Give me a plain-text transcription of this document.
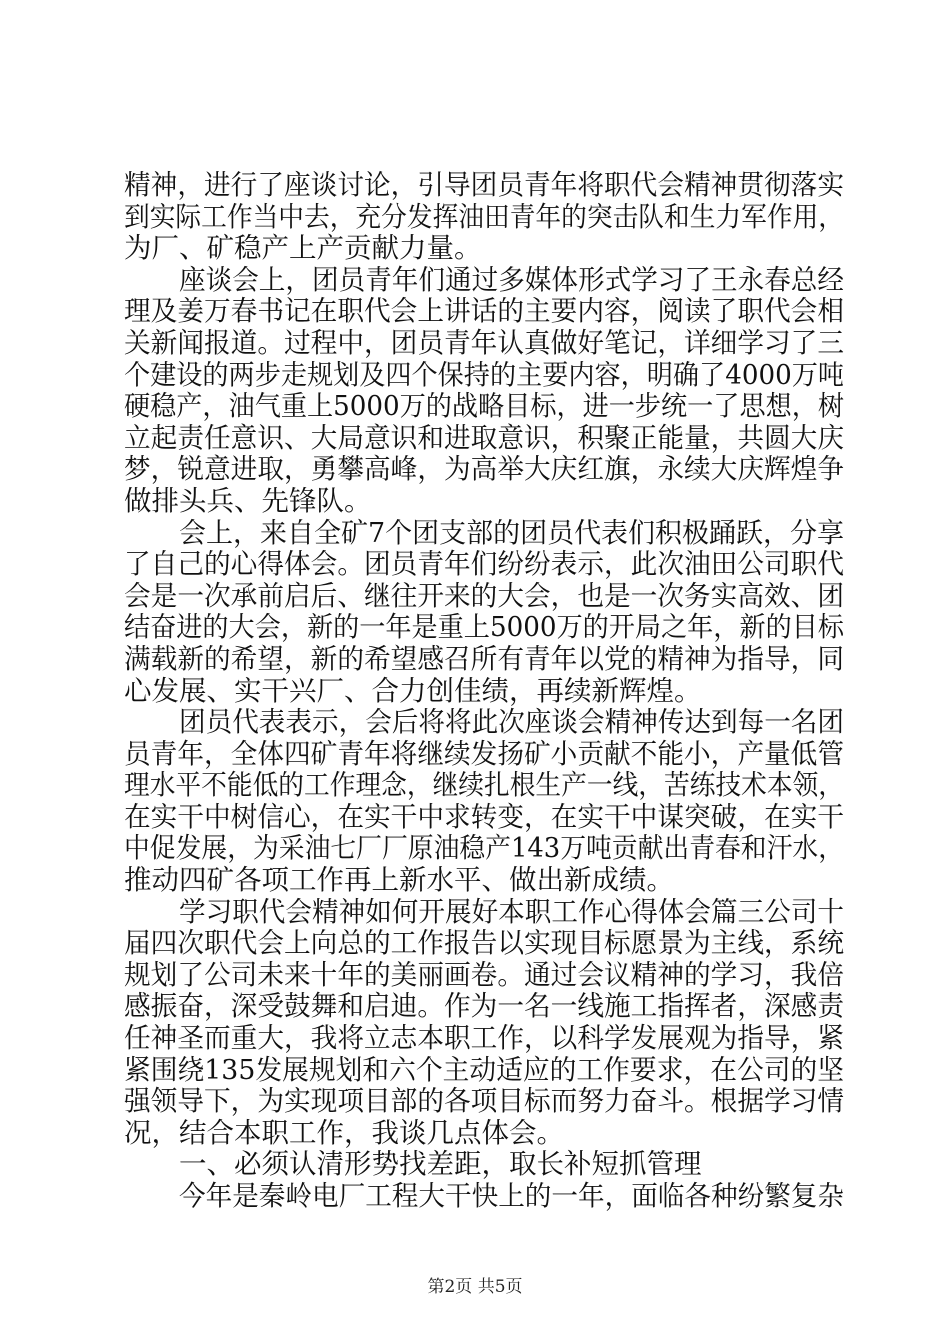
精神，进行了座谈讨论，引导团员青年将职代会精神贯彻落实
到实际工作当中去，充分发挥油田青年的突击队和生力军作用，
为厂、矿稳产上产贡献力量。
座谈会上，团员青年们通过多媒体形式学习了王永春总经
理及姜万春书记在职代会上讲话的主要内容，阅读了职代会相
关新闻报道。过程中，团员青年认真做好笔记，详细学习了三
个建设的两步走规划及四个保持的主要内容，明确了4000万吨
硬稳产，油气重上5000万的战略目标，进一步统一了思想，树
立起责任意识、大局意识和进取意识，积聚正能量，共圆大庆
梦，锐意进取，勇攀高峰，为高举大庆红旗，永续大庆辉煌争
做排头兵、先锋队。
会上，来自全矿7个团支部的团员代表们积极踊跃，分享
了自己的心得体会。团员青年们纷纷表示，此次油田公司职代
会是一次承前启后、继往开来的大会，也是一次务实高效、团
结奋进的大会，新的一年是重上5000万的开局之年，新的目标
满载新的希望，新的希望感召所有青年以党的精神为指导，同
心发展、实干兴厂、合力创佳绩，再续新辉煌。
团员代表表示，会后将将此次座谈会精神传达到每一名团
员青年，全体四矿青年将继续发扬矿小贡献不能小，产量低管
理水平不能低的工作理念，继续扎根生产一线，苦练技术本领，
在实干中树信心，在实干中求转变，在实干中谋突破，在实干
中促发展，为采油七厂厂原油稳产143万吨贡献出青春和汗水，
推动四矿各项工作再上新水平、做出新成绩。
学习职代会精神如何开展好本职工作心得体会篇三公司十
届四次职代会上向总的工作报告以实现目标愿景为主线，系统
规划了公司未来十年的美丽画卷。通过会议精神的学习，我倍
感振奋，深受鼓舞和启迪。作为一名一线施工指挥者，深感责
任神圣而重大，我将立志本职工作，以科学发展观为指导，紧
紧围绕135发展规划和六个主动适应的工作要求，在公司的坚
强领导下，为实现项目部的各项目标而努力奋斗。根据学习情
况，结合本职工作，我谈几点体会。
一、必须认清形势找差距，取长补短抓管理
今年是秦岭电厂工程大干快上的一年，面临各种纷繁复杂
第2页 共5页
